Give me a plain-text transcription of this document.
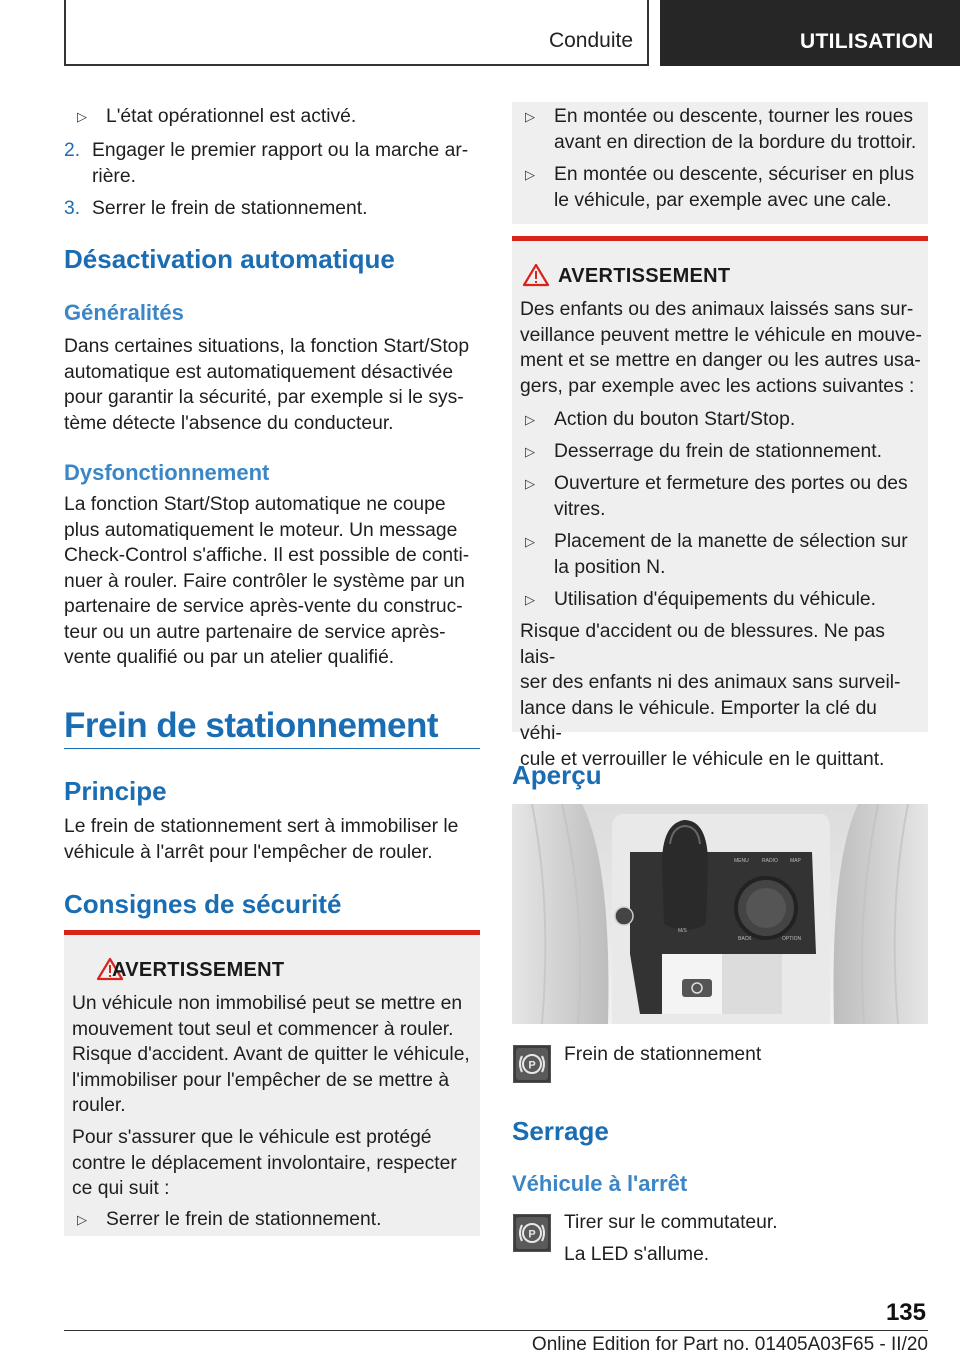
Conduite	UTILISATION
▷ L'état opérationnel est activé.
2. Engager le premier rapport ou la marche ar‐
rière.
3. Serrer le frein de stationnement.
Désactivation automatique
Généralités
Dans certaines situations, la fonction Start/Stop
automatique est automatiquement désactivée
pour garantir la sécurité, par exemple si le sys‐
tème détecte l'absence du conducteur.
Dysfonctionnement
La fonction Start/Stop automatique ne coupe
plus automatiquement le moteur. Un message
Check-Control s'affiche. Il est possible de conti‐
nuer à rouler. Faire contrôler le système par un
partenaire de service après-vente du construc‐
teur ou un autre partenaire de service après-
vente qualifié ou par un atelier qualifié.
Frein de stationnement
Principe
Le frein de stationnement sert à immobiliser le
véhicule à l'arrêt pour l'empêcher de rouler.
Consignes de sécurité
AVERTISSEMENT
Un véhicule non immobilisé peut se mettre en
mouvement tout seul et commencer à rouler.
Risque d'accident. Avant de quitter le véhicule,
l'immobiliser pour l'empêcher de se mettre à
rouler.
Pour s'assurer que le véhicule est protégé
contre le déplacement involontaire, respecter
ce qui suit :
▷ Serrer le frein de stationnement.
▷ En montée ou descente, tourner les roues
avant en direction de la bordure du trottoir.
▷ En montée ou descente, sécuriser en plus
le véhicule, par exemple avec une cale.
AVERTISSEMENT
Des enfants ou des animaux laissés sans sur‐
veillance peuvent mettre le véhicule en mouve‐
ment et se mettre en danger ou les autres usa‐
gers, par exemple avec les actions suivantes :
▷ Action du bouton Start/Stop.
▷ Desserrage du frein de stationnement.
▷ Ouverture et fermeture des portes ou des
vitres.
▷ Placement de la manette de sélection sur
la position N.
▷ Utilisation d'équipements du véhicule.
Risque d'accident ou de blessures. Ne pas lais‐
ser des enfants ni des animaux sans surveil‐
lance dans le véhicule. Emporter la clé du véhi‐
cule et verrouiller le véhicule en le quittant.
Aperçu
MENU	RADIO MAP
BACK	OPTION
M/S
P
Frein de stationnement
Serrage
Véhicule à l'arrêt
P
Tirer sur le commutateur.
La LED s'allume.
135
Online Edition for Part no. 01405A03F65 - II/20
